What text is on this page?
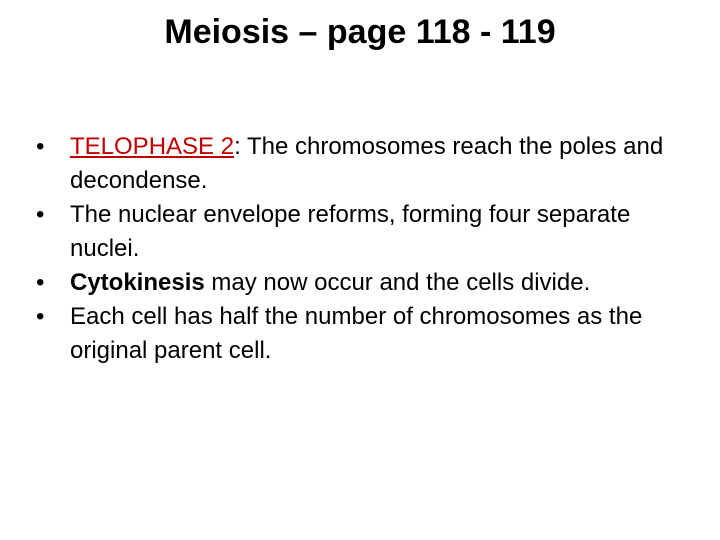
Meiosis – page 118 - 119
•	TELOPHASE 2: The chromosomes reach the poles and decondense.
•	The nuclear envelope reforms, forming four separate nuclei.
•	Cytokinesis may now occur and the cells divide.
•	Each cell has half the number of chromosomes as the original parent cell.
